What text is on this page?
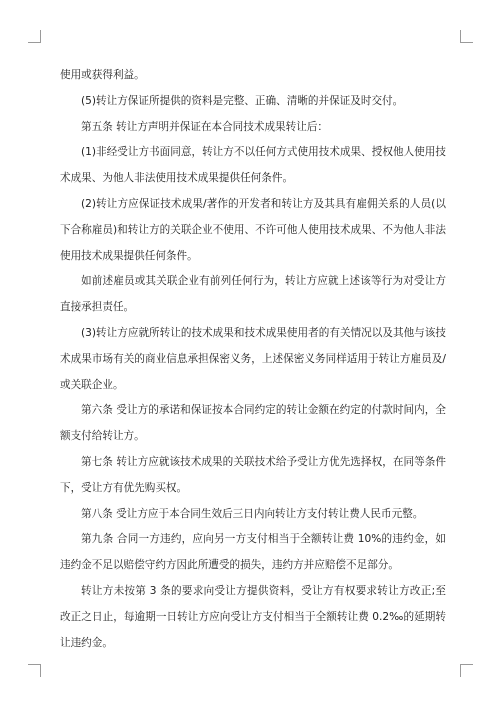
使用或获得利益。

(5)转让方保证所提供的资料是完整、正确、清晰的并保证及时交付。

第五条 转让方声明并保证在本合同技术成果转让后：

(1)非经受让方书面同意，转让方不以任何方式使用技术成果、授权他人使用技术成果、为他人非法使用技术成果提供任何条件。

(2)转让方应保证技术成果/著作的开发者和转让方及其具有雇佣关系的人员(以下合称雇员)和转让方的关联企业不使用、不许可他人使用技术成果、不为他人非法使用技术成果提供任何条件。

如前述雇员或其关联企业有前列任何行为，转让方应就上述该等行为对受让方直接承担责任。

(3)转让方应就所转让的技术成果和技术成果使用者的有关情况以及其他与该技术成果市场有关的商业信息承担保密义务，上述保密义务同样适用于转让方雇员及/或关联企业。

第六条 受让方的承诺和保证按本合同约定的转让金额在约定的付款时间内，全额支付给转让方。

第七条 转让方应就该技术成果的关联技术给予受让方优先选择权，在同等条件下，受让方有优先购买权。

第八条 受让方应于本合同生效后三日内向转让方支付转让费人民币元整。

第九条 合同一方违约，应向另一方支付相当于全额转让费 10%的违约金，如违约金不足以赔偿守约方因此所遭受的损失，违约方并应赔偿不足部分。

转让方未按第 3 条的要求向受让方提供资料，受让方有权要求转让方改正;至改正之日止，每逾期一日转让方应向受让方支付相当于全额转让费 0.2‰的延期转让违约金。
